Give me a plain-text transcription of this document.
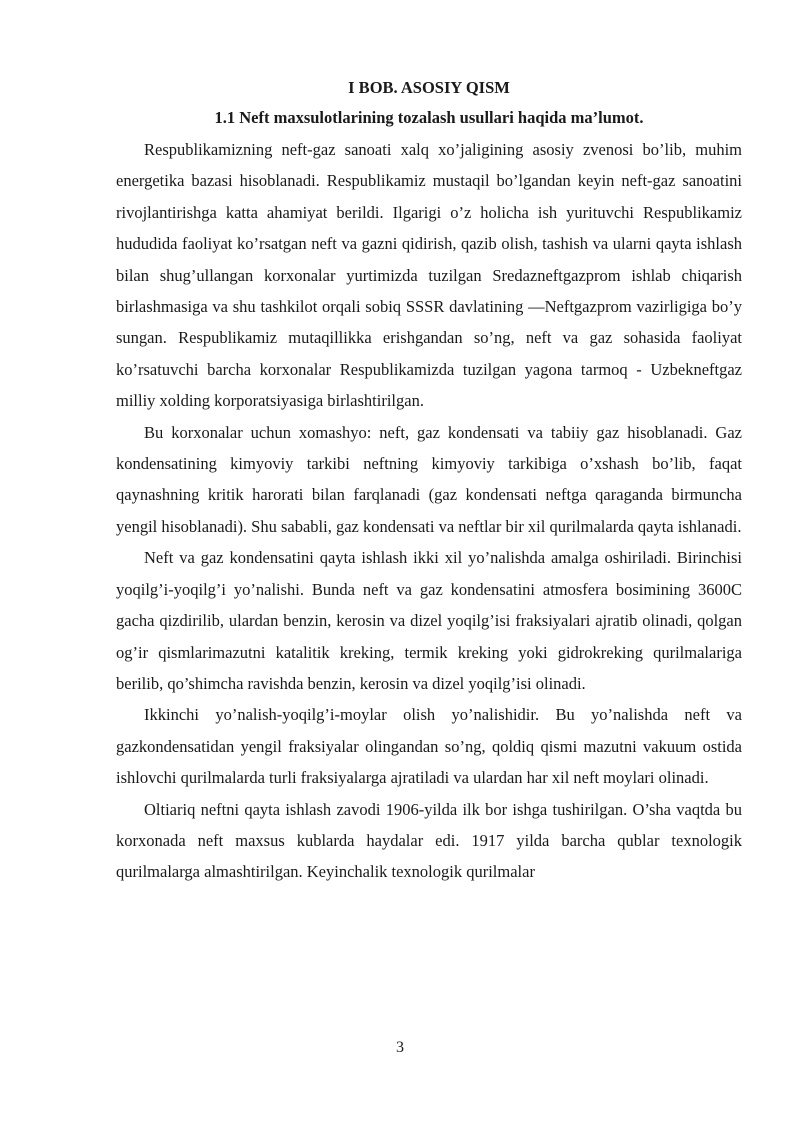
I BOB. ASOSIY QISM

1.1 Neft maxsulotlarining tozalash usullari haqida ma’lumot.

Respublikamizning neft-gaz sanoati xalq xo’jaligining asosiy zvenosi bo’lib, muhim energetika bazasi hisoblanadi. Respublikamiz mustaqil bo’lgandan keyin neft-gaz sanoatini rivojlantirishga katta ahamiyat berildi. Ilgarigi o’z holicha ish yurituvchi Respublikamiz hududida faoliyat ko’rsatgan neft va gazni qidirish, qazib olish, tashish va ularni qayta ishlash bilan shug’ullangan korxonalar yurtimizda tuzilgan Sredazneftgazprom ishlab chiqarish birlashmasiga va shu tashkilot orqali sobiq SSSR davlatining ―Neftgazprom vazirligiga bo’y sungan. Respublikamiz mutaqillikka erishgandan so’ng, neft va gaz sohasida faoliyat ko’rsatuvchi barcha korxonalar Respublikamizda tuzilgan yagona tarmoq - Uzbekneftgaz milliy xolding korporatsiyasiga birlashtirilgan.

Bu korxonalar uchun xomashyo: neft, gaz kondensati va tabiiy gaz hisoblanadi. Gaz kondensatining kimyoviy tarkibi neftning kimyoviy tarkibiga o’xshash bo’lib, faqat qaynashning kritik harorati bilan farqlanadi (gaz kondensati neftga qaraganda birmuncha yengil hisoblanadi). Shu sababli, gaz kondensati va neftlar bir xil qurilmalarda qayta ishlanadi.

Neft va gaz kondensatini qayta ishlash ikki xil yo’nalishda amalga oshiriladi. Birinchisi yoqilg’i-yoqilg’i yo’nalishi. Bunda neft va gaz kondensatini atmosfera bosimining 3600C gacha qizdirilib, ulardan benzin, kerosin va dizel yoqilg’isi fraksiyalari ajratib olinadi, qolgan og’ir qismlarimazutni katalitik kreking, termik kreking yoki gidrokreking qurilmalariga berilib, qo’shimcha ravishda benzin, kerosin va dizel yoqilg’isi olinadi.

Ikkinchi yo’nalish-yoqilg’i-moylar olish yo’nalishidir. Bu yo’nalishda neft va gazkondensatidan yengil fraksiyalar olingandan so’ng, qoldiq qismi mazutni vakuum ostida ishlovchi qurilmalarda turli fraksiyalarga ajratiladi va ulardan har xil neft moylari olinadi.

Oltiariq neftni qayta ishlash zavodi 1906-yilda ilk bor ishga tushirilgan. O’sha vaqtda bu korxonada neft maxsus kublarda haydalar edi. 1917 yilda barcha qublar texnologik qurilmalarga almashtirilgan. Keyinchalik texnologik qurilmalar

3
